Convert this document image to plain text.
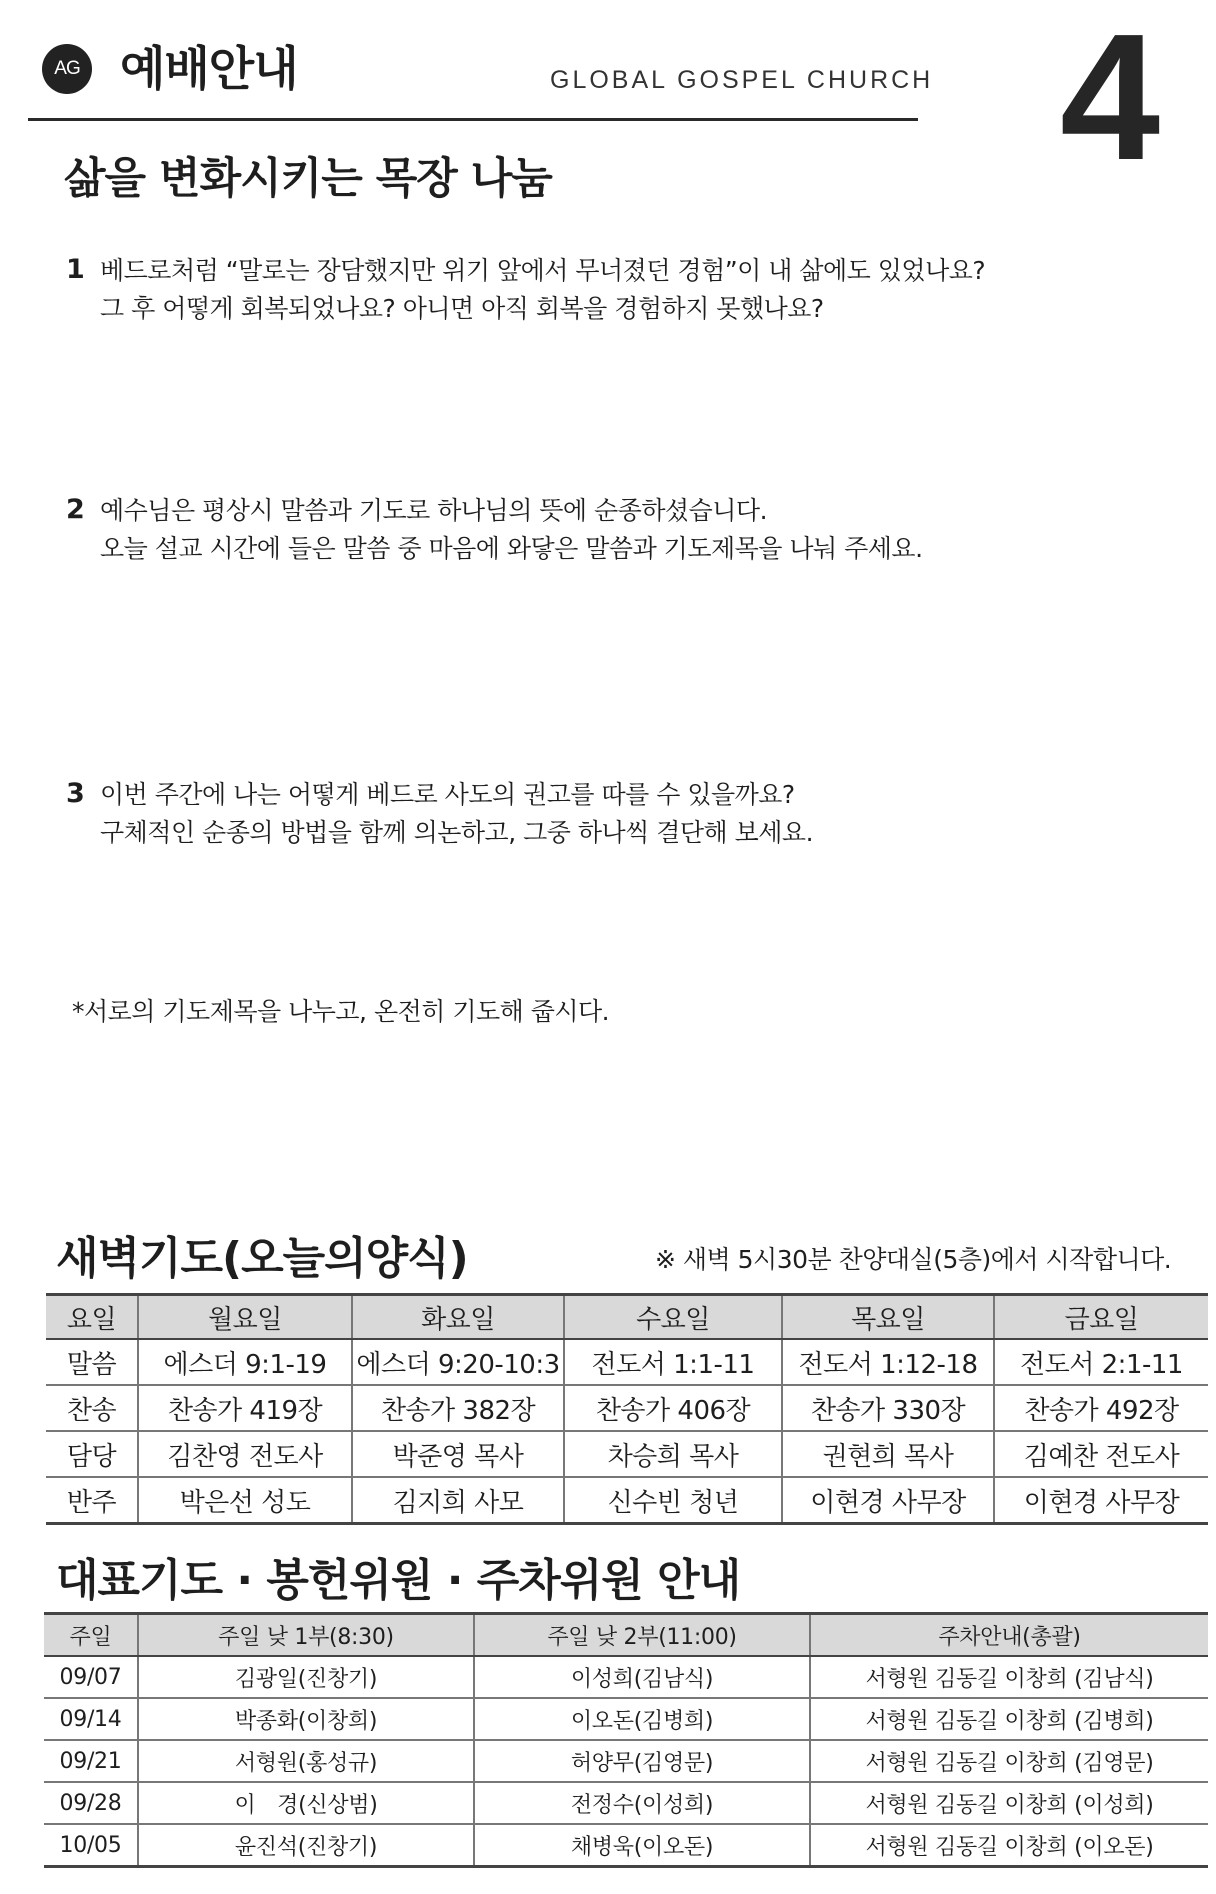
AG 예배안내	GLOBAL GOSPEL CHURCH 4
삶을 변화시키는 목장 나눔
1 베드로처럼 “말로는 장담했지만 위기 앞에서 무너졌던 경험”이 내 삶에도 있었나요?
그 후 어떻게 회복되었나요? 아니면 아직 회복을 경험하지 못했나요?
2 예수님은 평상시 말씀과 기도로 하나님의 뜻에 순종하셨습니다.
오늘 설교 시간에 들은 말씀 중 마음에 와닿은 말씀과 기도제목을 나눠 주세요.
3 이번 주간에 나는 어떻게 베드로 사도의 권고를 따를 수 있을까요?
구체적인 순종의 방법을 함께 의논하고, 그중 하나씩 결단해 보세요.
*서로의 기도제목을 나누고, 온전히 기도해 줍시다.
새벽기도(오늘의양식)	※ 새벽 5시30분 찬양대실(5층)에서 시작합니다.
요일	월요일	화요일	수요일	목요일	금요일
말씀	에스더 9:1-19	에스더 9:20-10:3	전도서 1:1-11	전도서 1:12-18	전도서 2:1-11
찬송	찬송가 419장	찬송가 382장	찬송가 406장	찬송가 330장	찬송가 492장
담당	김찬영 전도사	박준영 목사	차승희 목사	권현희 목사	김예찬 전도사
반주	박은선 성도	김지희 사모	신수빈 청년	이현경 사무장	이현경 사무장
대표기도 · 봉헌위원 · 주차위원 안내
주일	주일 낮 1부(8:30)	주일 낮 2부(11:00)	주차안내(총괄)
09/07	김광일(진창기)	이성희(김남식)	서형원 김동길 이창희 (김남식)
09/14	박종화(이창희)	이오돈(김병희)	서형원 김동길 이창희 (김병희)
09/21	서형원(홍성규)	허양무(김영문)	서형원 김동길 이창희 (김영문)
09/28	이　경(신상범)	전정수(이성희)	서형원 김동길 이창희 (이성희)
10/05	윤진석(진창기)	채병욱(이오돈)	서형원 김동길 이창희 (이오돈)
